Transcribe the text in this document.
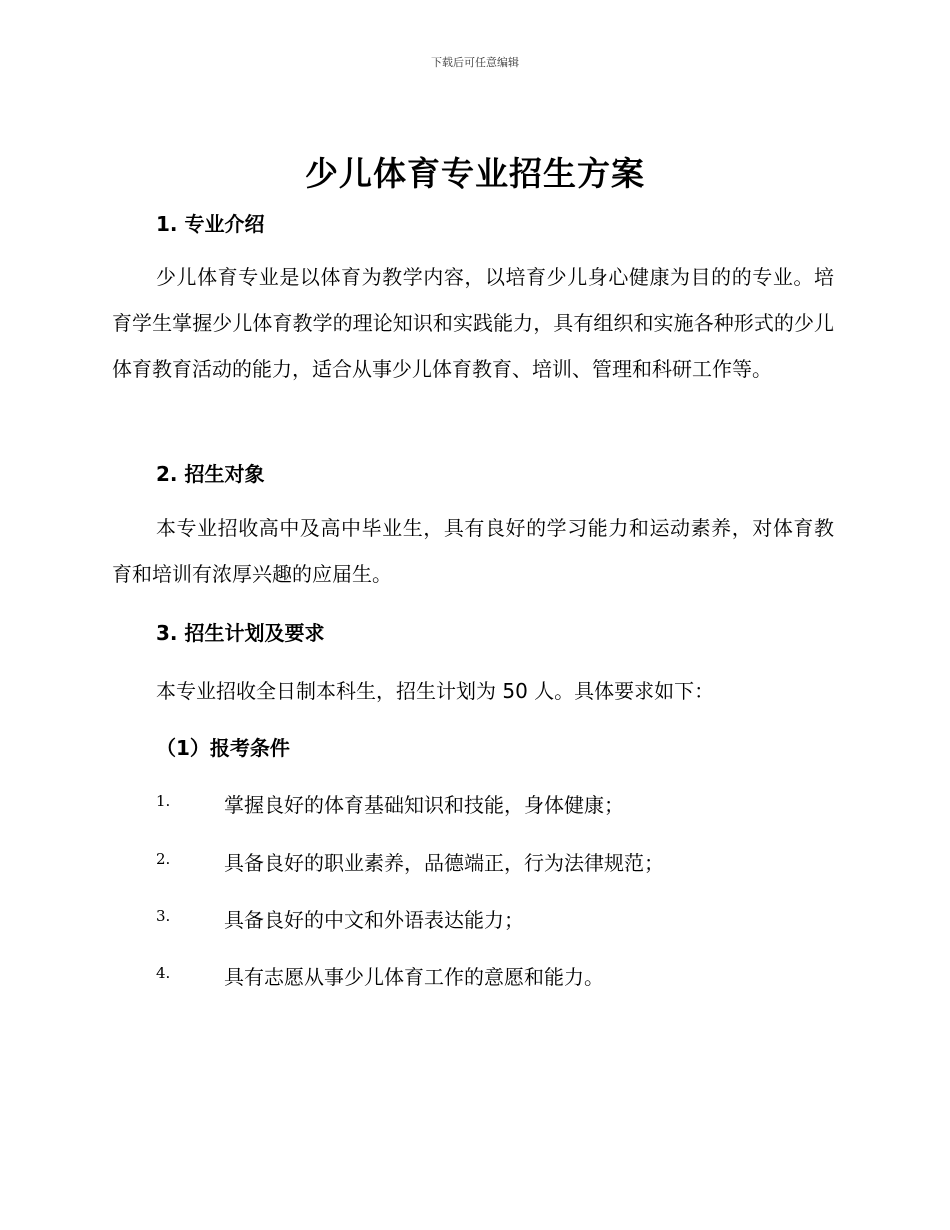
下载后可任意编辑
少儿体育专业招生方案
1. 专业介绍

少儿体育专业是以体育为教学内容，以培育少儿身心健康为目的的专业。培育学生掌握少儿体育教学的理论知识和实践能力，具有组织和实施各种形式的少儿体育教育活动的能力，适合从事少儿体育教育、培训、管理和科研工作等。

2. 招生对象

本专业招收高中及高中毕业生，具有良好的学习能力和运动素养，对体育教育和培训有浓厚兴趣的应届生。

3. 招生计划及要求
本专业招收全日制本科生，招生计划为 50 人。具体要求如下：
（1）报考条件
1.	掌握良好的体育基础知识和技能，身体健康；
2.	具备良好的职业素养，品德端正，行为法律规范；
3.	具备良好的中文和外语表达能力；
4.	具有志愿从事少儿体育工作的意愿和能力。
